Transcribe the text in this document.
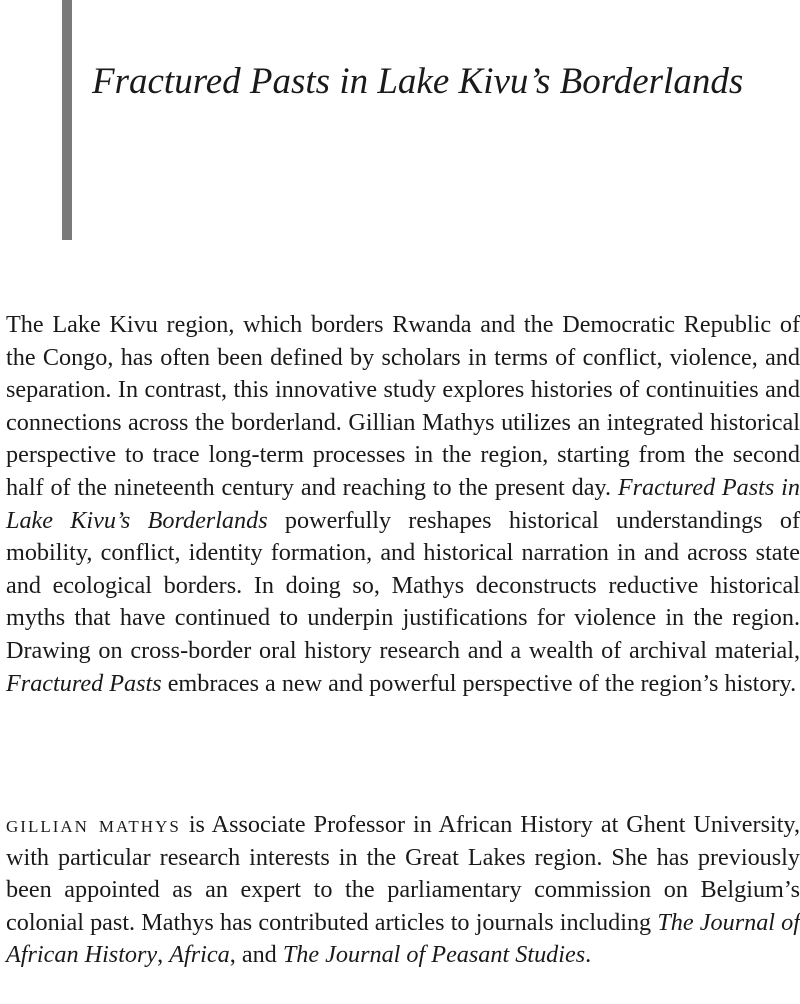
Fractured Pasts in Lake Kivu’s Borderlands

The Lake Kivu region, which borders Rwanda and the Democratic Republic of the Congo, has often been defined by scholars in terms of conflict, violence, and separation. In contrast, this innovative study explores histories of continuities and connections across the borderland. Gillian Mathys utilizes an integrated historical perspective to trace long-term processes in the region, starting from the second half of the nineteenth century and reaching to the present day. Fractured Pasts in Lake Kivu’s Borderlands powerfully reshapes historical understandings of mobility, conflict, identity formation, and historical narration in and across state and ecological borders. In doing so, Mathys deconstructs reductive historical myths that have continued to underpin justifications for violence in the region. Drawing on cross-border oral history research and a wealth of archival material, Fractured Pasts embraces a new and powerful perspective of the region’s history.

gillian mathys is Associate Professor in African History at Ghent University, with particular research interests in the Great Lakes region. She has previously been appointed as an expert to the parliamentary commission on Belgium’s colonial past. Mathys has contributed articles to journals including The Journal of African History, Africa, and The Journal of Peasant Studies.
